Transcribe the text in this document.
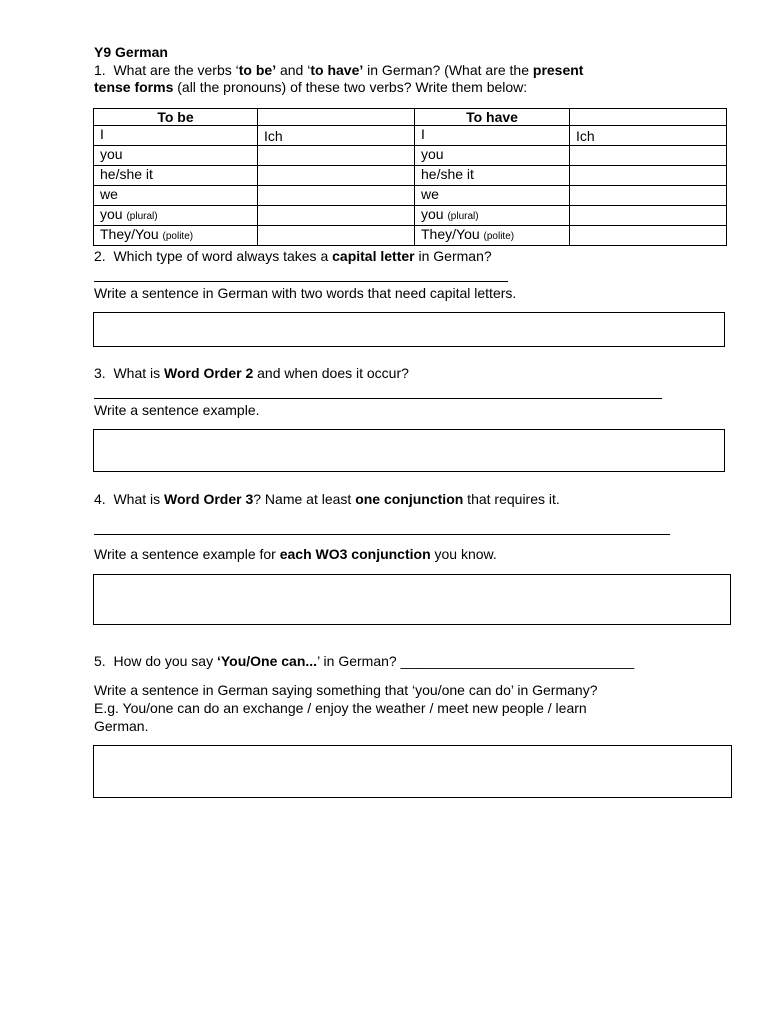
Y9 German
1. What are the verbs ‘to be’ and ‘to have’ in German? (What are the present
tense forms (all the pronouns) of these two verbs? Write them below:
To be		To have	
I	Ich	I	Ich
you		you	
he/she it		he/she it	
we		we	
you (plural)		you (plural)	
They/You (polite)		They/You (polite)	
2. Which type of word always takes a capital letter in German?
Write a sentence in German with two words that need capital letters.
3. What is Word Order 2 and when does it occur?
Write a sentence example.
4. What is Word Order 3? Name at least one conjunction that requires it.
Write a sentence example for each WO3 conjunction you know.
5. How do you say ‘You/One can...’ in German? ______________________________
Write a sentence in German saying something that ‘you/one can do’ in Germany?
E.g. You/one can do an exchange / enjoy the weather / meet new people / learn
German.
